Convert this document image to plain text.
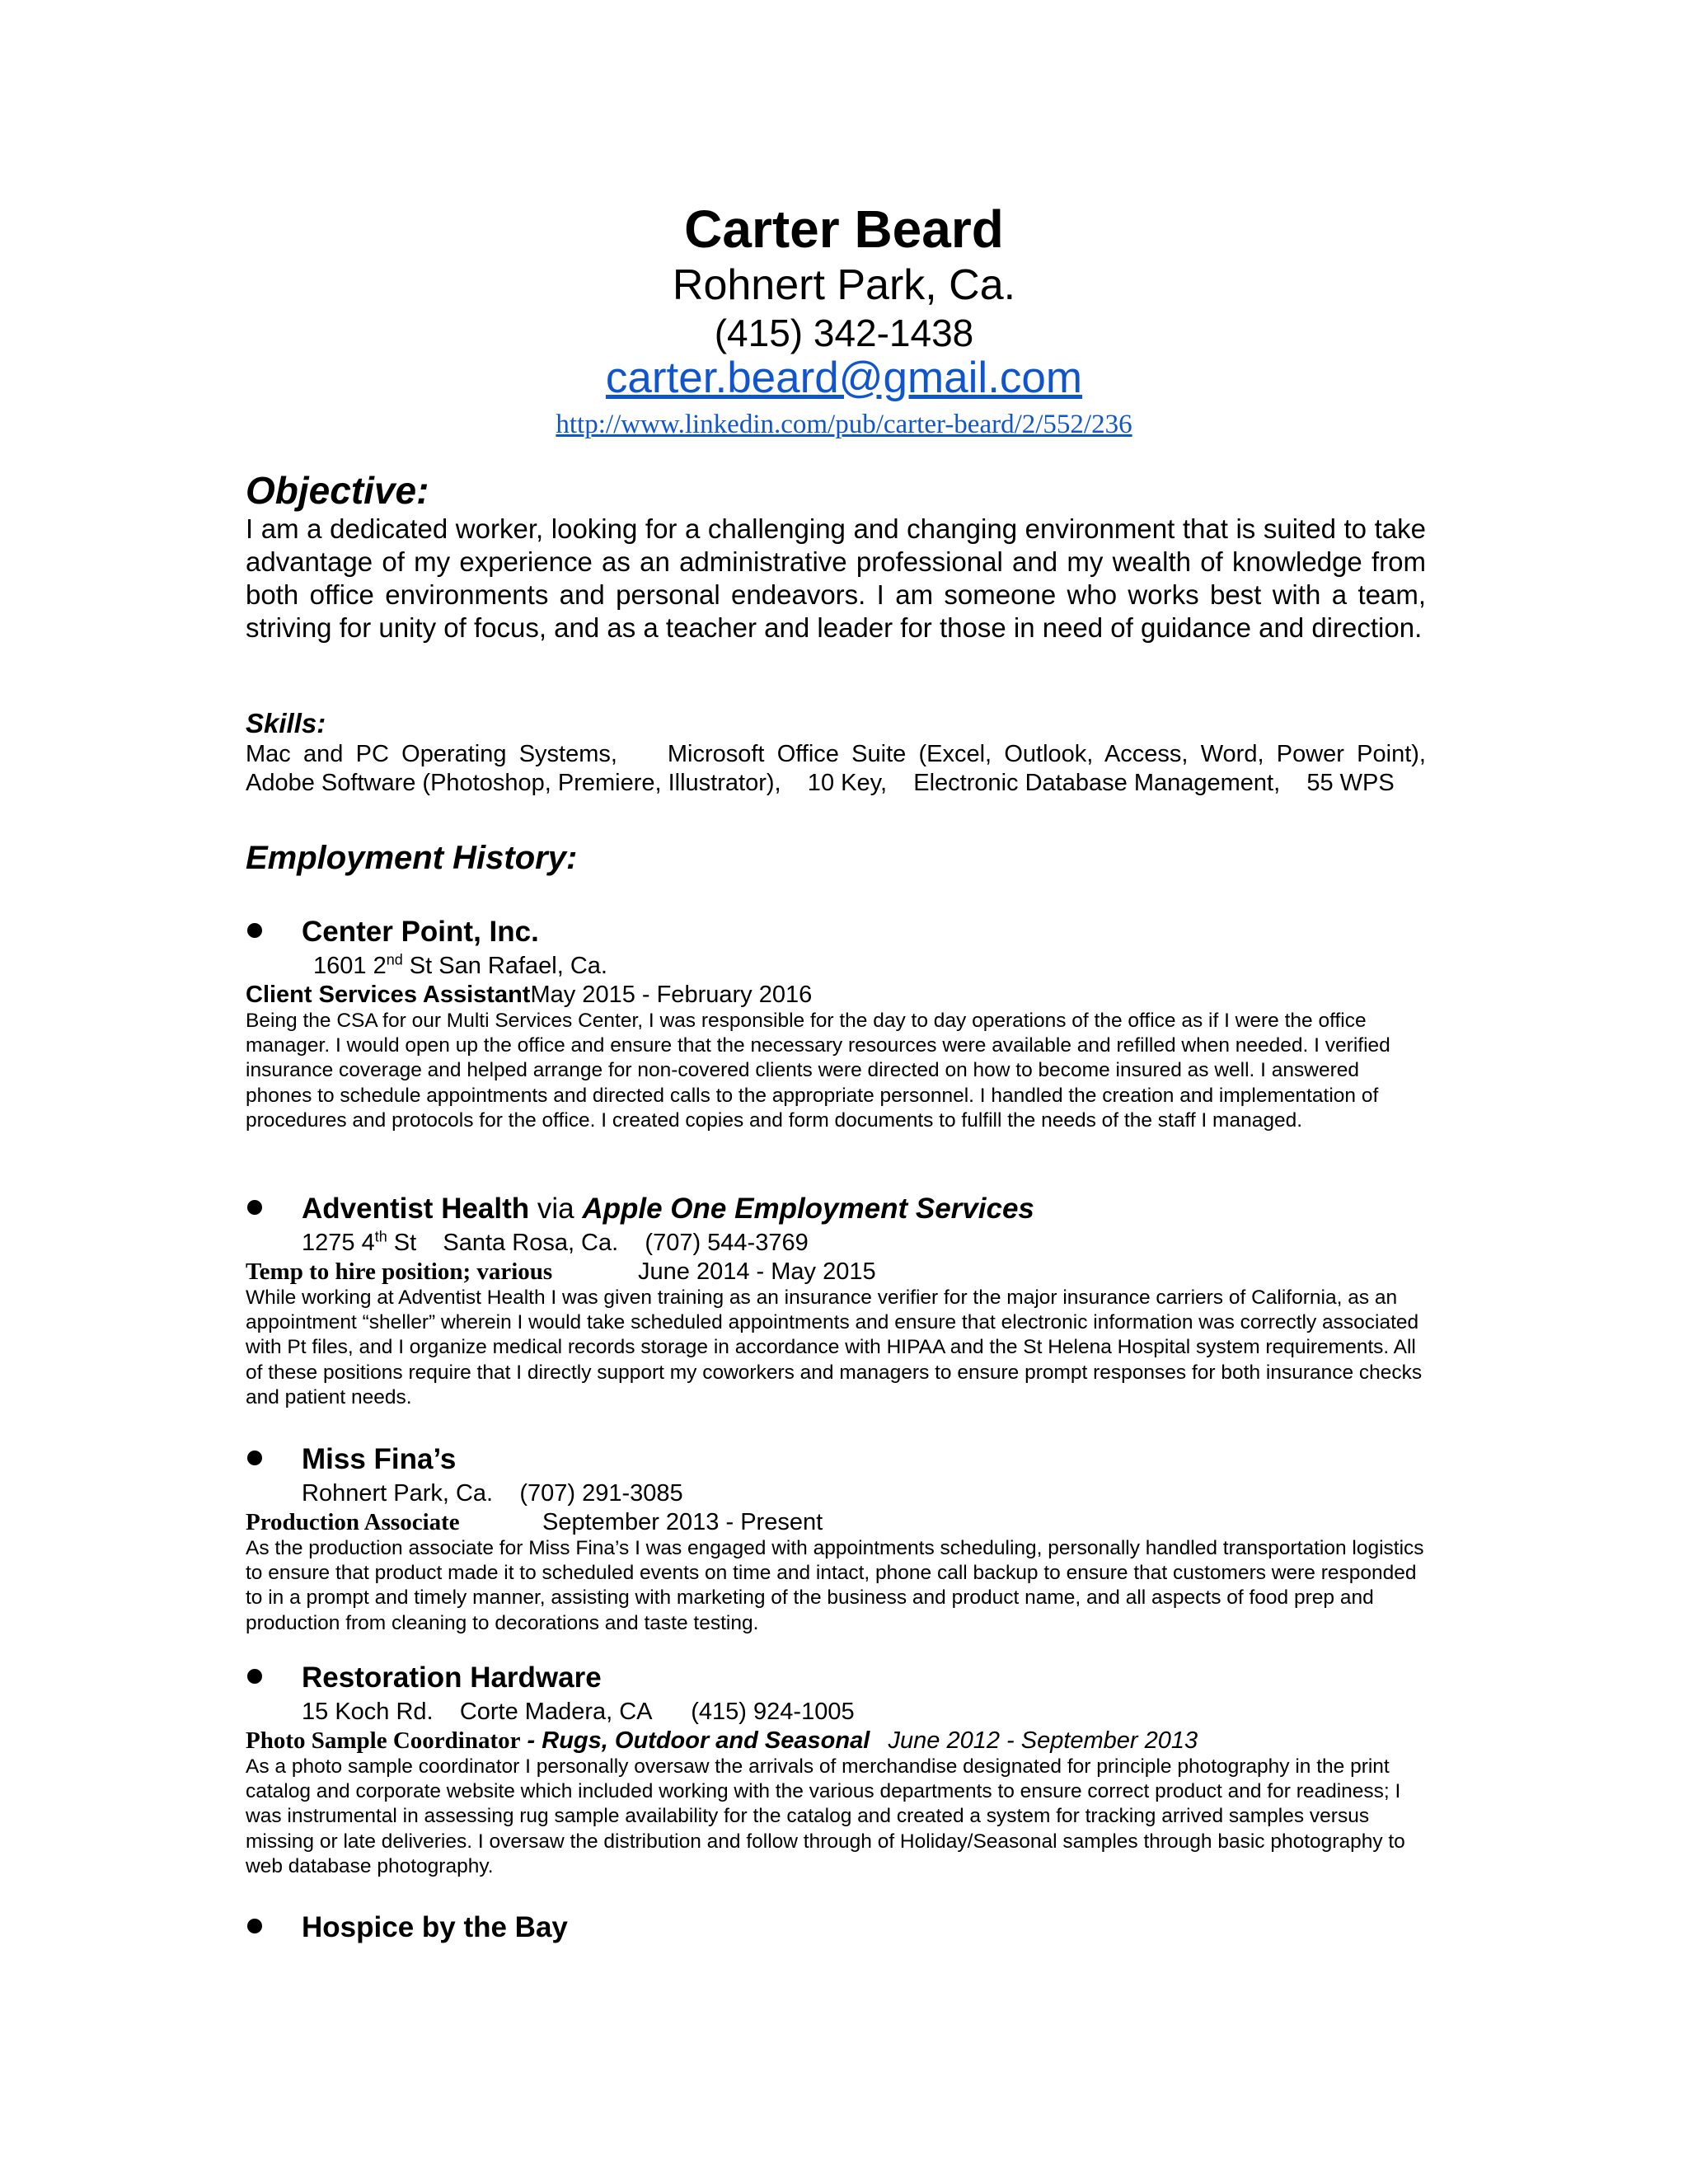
Carter Beard
Rohnert Park, Ca.
(415) 342-1438
carter.beard@gmail.com
http://www.linkedin.com/pub/carter-beard/2/552/236
Objective:
I am a dedicated worker, looking for a challenging and changing environment that is suited to take advantage of my experience as an administrative professional and my wealth of knowledge from both office environments and personal endeavors. I am someone who works best with a team, striving for unity of focus, and as a teacher and leader for those in need of guidance and direction.
Skills:
Mac and PC Operating Systems,    Microsoft Office Suite (Excel, Outlook, Access, Word, Power Point),
Adobe Software (Photoshop, Premiere, Illustrator),    10 Key,    Electronic Database Management,    55 WPS
Employment History:
Center Point, Inc.
1601 2nd St San Rafael, Ca.
Client Services AssistantMay 2015 - February 2016
Being the CSA for our Multi Services Center, I was responsible for the day to day operations of the office as if I were the office manager. I would open up the office and ensure that the necessary resources were available and refilled when needed. I verified insurance coverage and helped arrange for non-covered clients were directed on how to become insured as well. I answered phones to schedule appointments and directed calls to the appropriate personnel. I handled the creation and implementation of procedures and protocols for the office. I created copies and form documents to fulfill the needs of the staff I managed.
Adventist Health via Apple One Employment Services
1275 4th St    Santa Rosa, Ca.    (707) 544-3769
Temp to hire position; various	June 2014 - May 2015
While working at Adventist Health I was given training as an insurance verifier for the major insurance carriers of California, as an appointment “sheller” wherein I would take scheduled appointments and ensure that electronic information was correctly associated with Pt files, and I organize medical records storage in accordance with HIPAA and the St Helena Hospital system requirements. All of these positions require that I directly support my coworkers and managers to ensure prompt responses for both insurance checks and patient needs.
Miss Fina’s
Rohnert Park, Ca.    (707) 291-3085
Production Associate	September 2013 - Present
As the production associate for Miss Fina’s I was engaged with appointments scheduling, personally handled transportation logistics to ensure that product made it to scheduled events on time and intact, phone call backup to ensure that customers were responded to in a prompt and timely manner, assisting with marketing of the business and product name, and all aspects of food prep and production from cleaning to decorations and taste testing.
Restoration Hardware
15 Koch Rd.    Corte Madera, CA      (415) 924-1005
Photo Sample Coordinator - Rugs, Outdoor and Seasonal June 2012 - September 2013
As a photo sample coordinator I personally oversaw the arrivals of merchandise designated for principle photography in the print catalog and corporate website which included working with the various departments to ensure correct product and for readiness; I was instrumental in assessing rug sample availability for the catalog and created a system for tracking arrived samples versus missing or late deliveries. I oversaw the distribution and follow through of Holiday/Seasonal samples through basic photography to web database photography.
Hospice by the Bay
